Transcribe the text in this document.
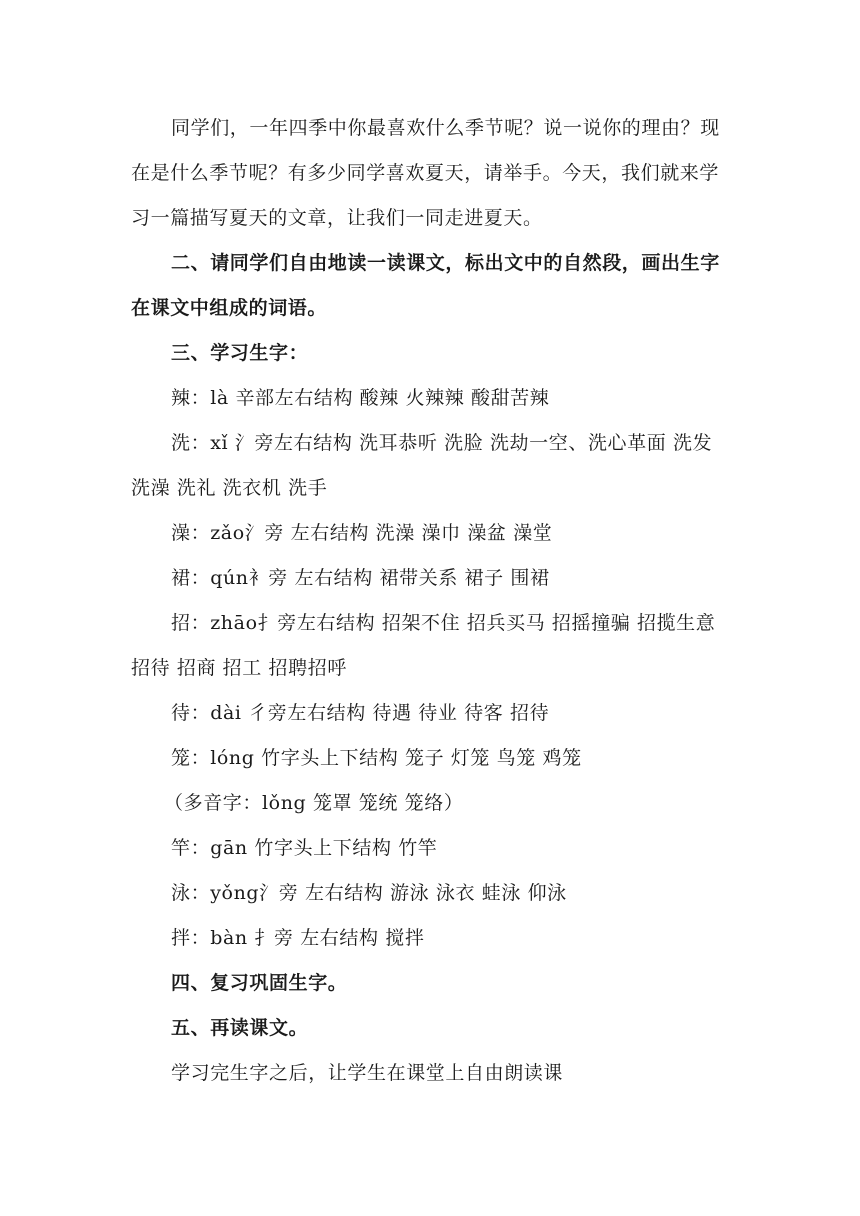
同学们，一年四季中你最喜欢什么季节呢？说一说你的理由？现在是什么季节呢？有多少同学喜欢夏天，请举手。今天，我们就来学习一篇描写夏天的文章，让我们一同走进夏天。

二、请同学们自由地读一读课文，标出文中的自然段，画出生字在课文中组成的词语。

三、学习生字：

辣：là 辛部左右结构 酸辣 火辣辣 酸甜苦辣

洗：xǐ 氵旁左右结构 洗耳恭听 洗脸 洗劫一空、洗心革面 洗发 洗澡 洗礼 洗衣机 洗手

澡：zǎo氵旁 左右结构 洗澡 澡巾 澡盆 澡堂

裙：qún衤旁 左右结构 裙带关系 裙子 围裙

招：zhāo扌旁左右结构 招架不住 招兵买马 招摇撞骗 招揽生意 招待 招商 招工 招聘招呼

待：dài 彳旁左右结构 待遇 待业 待客 招待

笼：lóng 竹字头上下结构 笼子 灯笼 鸟笼 鸡笼

（多音字：lǒng 笼罩 笼统 笼络）

竿：gān 竹字头上下结构 竹竿

泳：yǒng氵旁 左右结构 游泳 泳衣 蛙泳 仰泳

拌：bàn 扌旁 左右结构 搅拌

四、复习巩固生字。

五、再读课文。

学习完生字之后，让学生在课堂上自由朗读课
